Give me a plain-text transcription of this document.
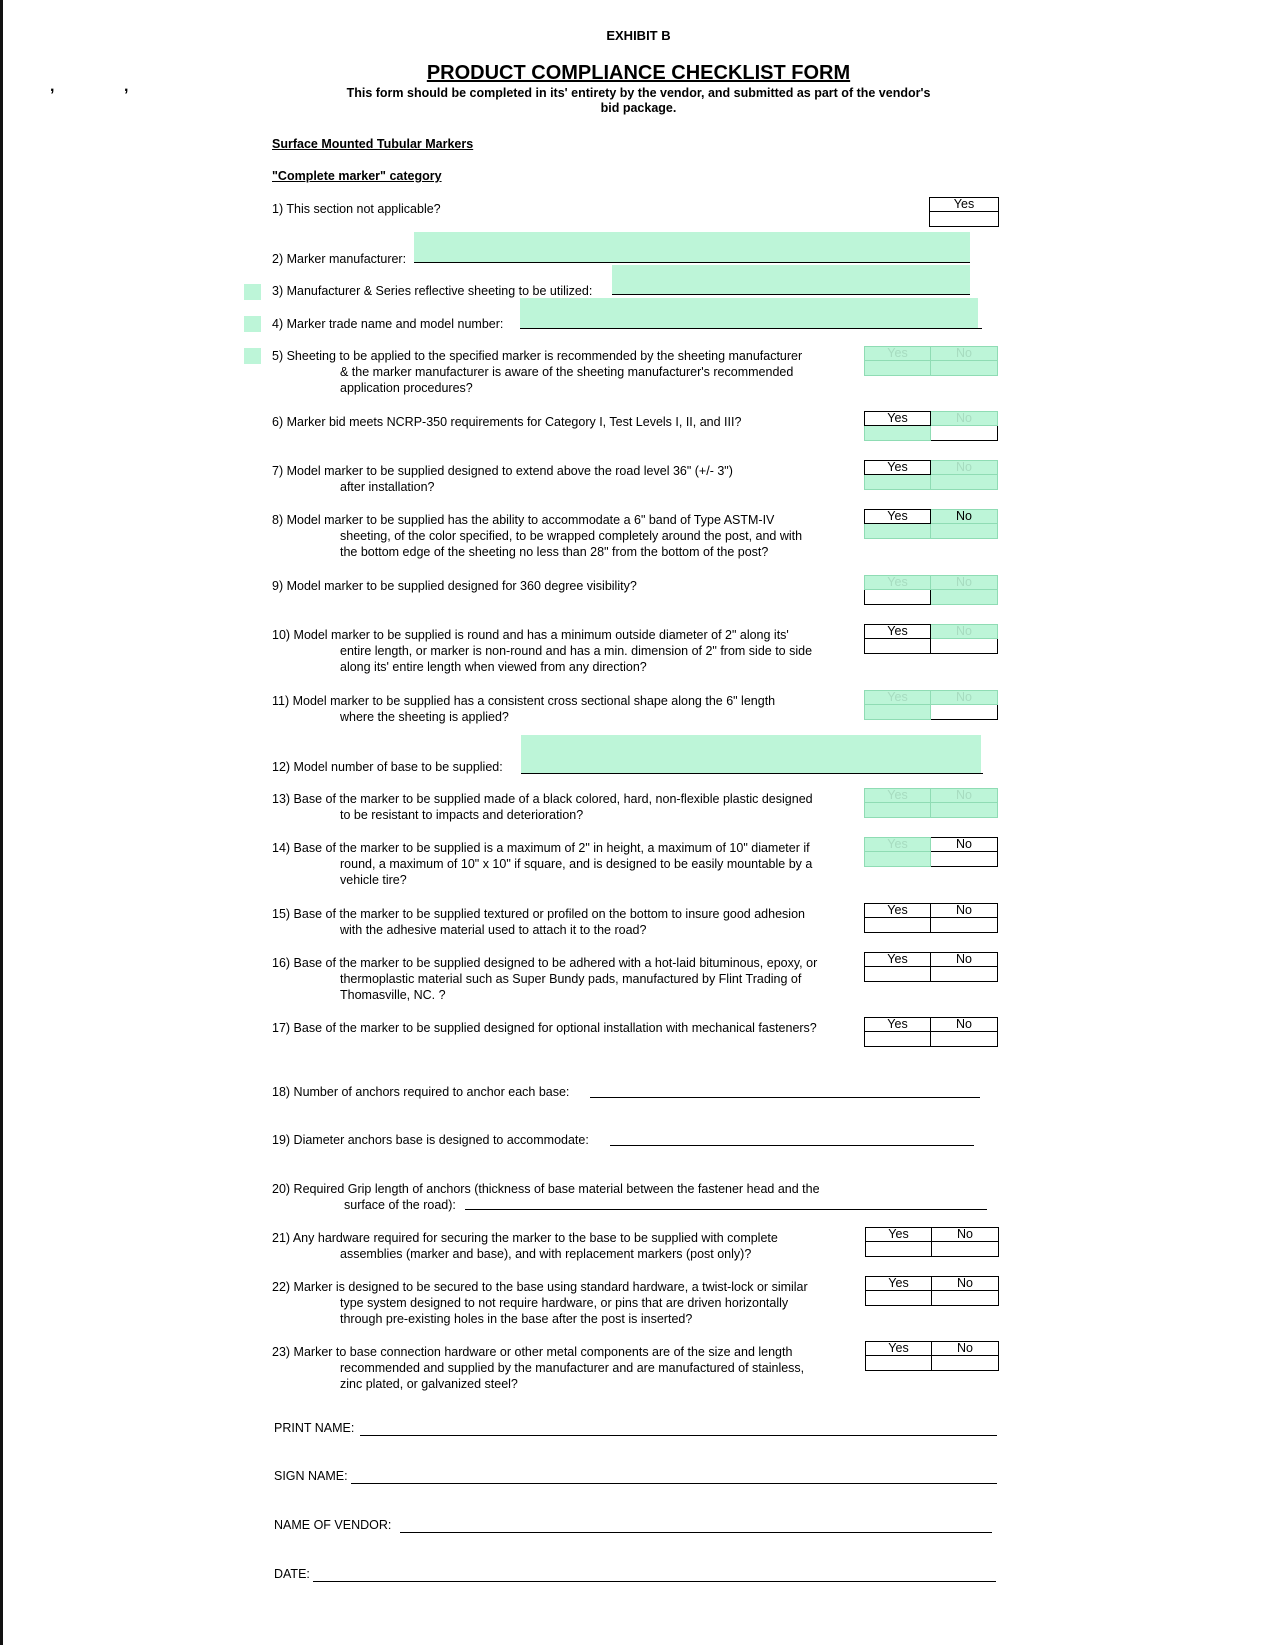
,	,
EXHIBIT B
PRODUCT COMPLIANCE CHECKLIST FORM
This form should be completed in its' entirety by the vendor, and submitted as part of the vendor's
bid package.
Surface Mounted Tubular Markers
"Complete marker" category
1) This section not applicable?	Yes
2) Marker manufacturer:
3) Manufacturer & Series reflective sheeting to be utilized:
4) Marker trade name and model number:
5) Sheeting to be applied to the specified marker is recommended by the sheeting manufacturer
& the marker manufacturer is aware of the sheeting manufacturer's recommended
application procedures?
Yes	No
6) Marker bid meets NCRP-350 requirements for Category I, Test Levels I, II, and III?	Yes	No
7) Model marker to be supplied designed to extend above the road level 36" (+/- 3")
after installation?
Yes	No
8) Model marker to be supplied has the ability to accommodate a 6" band of Type ASTM-IV
sheeting, of the color specified, to be wrapped completely around the post, and with
the bottom edge of the sheeting no less than 28" from the bottom of the post?
Yes	No
9) Model marker to be supplied designed for 360 degree visibility?	Yes	No
10) Model marker to be supplied is round and has a minimum outside diameter of 2" along its'
entire length, or marker is non-round and has a min. dimension of 2" from side to side
along its' entire length when viewed from any direction?
Yes	No
11) Model marker to be supplied has a consistent cross sectional shape along the 6" length
where the sheeting is applied?
Yes	No
12) Model number of base to be supplied:
13) Base of the marker to be supplied made of a black colored, hard, non-flexible plastic designed
to be resistant to impacts and deterioration?
Yes	No
14) Base of the marker to be supplied is a maximum of 2" in height, a maximum of 10" diameter if
round, a maximum of 10" x 10" if square, and is designed to be easily mountable by a
vehicle tire?
Yes	No
15) Base of the marker to be supplied textured or profiled on the bottom to insure good adhesion
with the adhesive material used to attach it to the road?
Yes	No
16) Base of the marker to be supplied designed to be adhered with a hot-laid bituminous, epoxy, or
thermoplastic material such as Super Bundy pads, manufactured by Flint Trading of
Thomasville, NC. ?
Yes	No
17) Base of the marker to be supplied designed for optional installation with mechanical fasteners?	Yes	No
18) Number of anchors required to anchor each base:
19) Diameter anchors base is designed to accommodate:
20) Required Grip length of anchors (thickness of base material between the fastener head and the
surface of the road):
21) Any hardware required for securing the marker to the base to be supplied with complete
assemblies (marker and base), and with replacement markers (post only)?
Yes	No
22) Marker is designed to be secured to the base using standard hardware, a twist-lock or similar
type system designed to not require hardware, or pins that are driven horizontally
through pre-existing holes in the base after the post is inserted?
Yes	No
23) Marker to base connection hardware or other metal components are of the size and length
recommended and supplied by the manufacturer and are manufactured of stainless,
zinc plated, or galvanized steel?
Yes	No
PRINT NAME:
SIGN NAME:
NAME OF VENDOR:
DATE:
